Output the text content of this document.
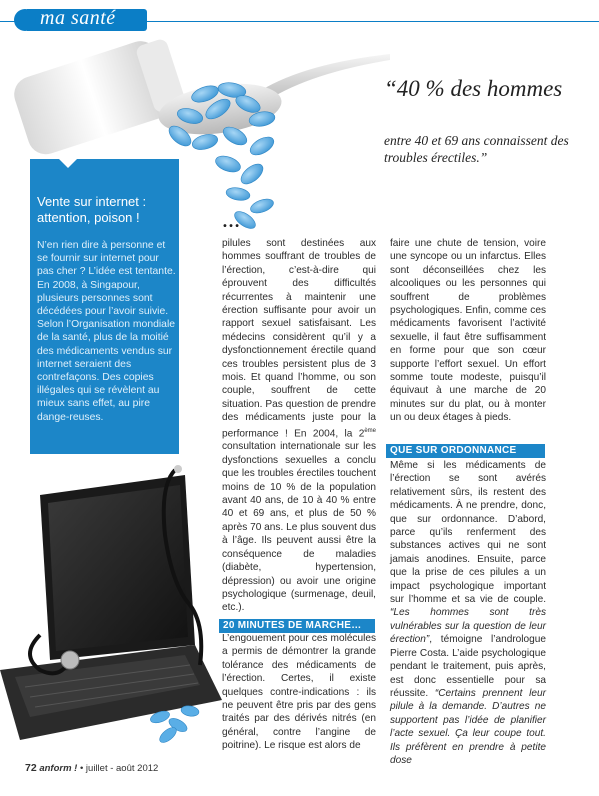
ma santé
“40 % des hommes
entre 40 et 69 ans connaissent des troubles érectiles.”
Vente sur internet : attention, poison !
N’en rien dire à personne et se fournir sur internet pour pas cher ? L’idée est tentante. En 2008, à Singapour, plusieurs personnes sont décédées pour l’avoir suivie. Selon l’Organisation mondiale de la santé, plus de la moitié des médicaments vendus sur internet seraient des contrefaçons. Des copies illégales qui se révèlent au mieux sans effet, au pire dange-reuses.
…

pilules sont destinées aux hommes souffrant de troubles de l’érection, c’est-à-dire qui éprouvent des difficultés récurrentes à maintenir une érection suffisante pour avoir un rapport sexuel satisfaisant. Les médecins considèrent qu’il y a dysfonctionnement érectile quand ces troubles persistent plus de 3 mois. Et quand l’homme, ou son couple, souffrent de cette situation. Pas question de prendre des médicaments juste pour la performance ! En 2004, la 2ème consultation internationale sur les dysfonctions sexuelles a conclu que les troubles érectiles touchent moins de 10 % de la population avant 40 ans, de 10 à 40 % entre 40 et 69 ans, et plus de 50 % après 70 ans. Le plus souvent dus à l’âge. Ils peuvent aussi être la conséquence de maladies (diabète, hypertension, dépression) ou avoir une origine psychologique (surmenage, deuil, etc.).

20 MINUTES DE MARCHE…

L’engouement pour ces molécules a permis de démontrer la grande tolérance des médicaments de l’érection. Certes, il existe quelques contre-indications : ils ne peuvent être pris par des gens traités par des dérivés nitrés (en général, contre l’angine de poitrine). Le risque est alors de

faire une chute de tension, voire une syncope ou un infarctus. Elles sont déconseillées chez les alcooliques ou les personnes qui souffrent de problèmes psychologiques. Enfin, comme ces médicaments favorisent l’activité sexuelle, il faut être suffisamment en forme pour que son cœur supporte l’effort sexuel. Un effort somme toute modeste, puisqu’il équivaut à une marche de 20 minutes sur du plat, ou à monter un ou deux étages à pieds.

QUE SUR ORDONNANCE

Même si les médicaments de l’érection se sont avérés relativement sûrs, ils restent des médicaments. À ne prendre, donc, que sur ordonnance. D’abord, parce qu’ils renferment des substances actives qui ne sont jamais anodines. Ensuite, parce que la prise de ces pilules a un impact psychologique important sur l’homme et sa vie de couple. “Les hommes sont très vulnérables sur la question de leur érection”, témoigne l’andrologue Pierre Costa. L’aide psychologique pendant le traitement, puis après, est donc essentielle pour sa réussite. “Certains prennent leur pilule à la demande. D’autres ne supportent pas l’idée de planifier l’acte sexuel. Ça leur coupe tout. Ils préfèrent en prendre à petite dose

72 anform ! • juillet - août 2012
